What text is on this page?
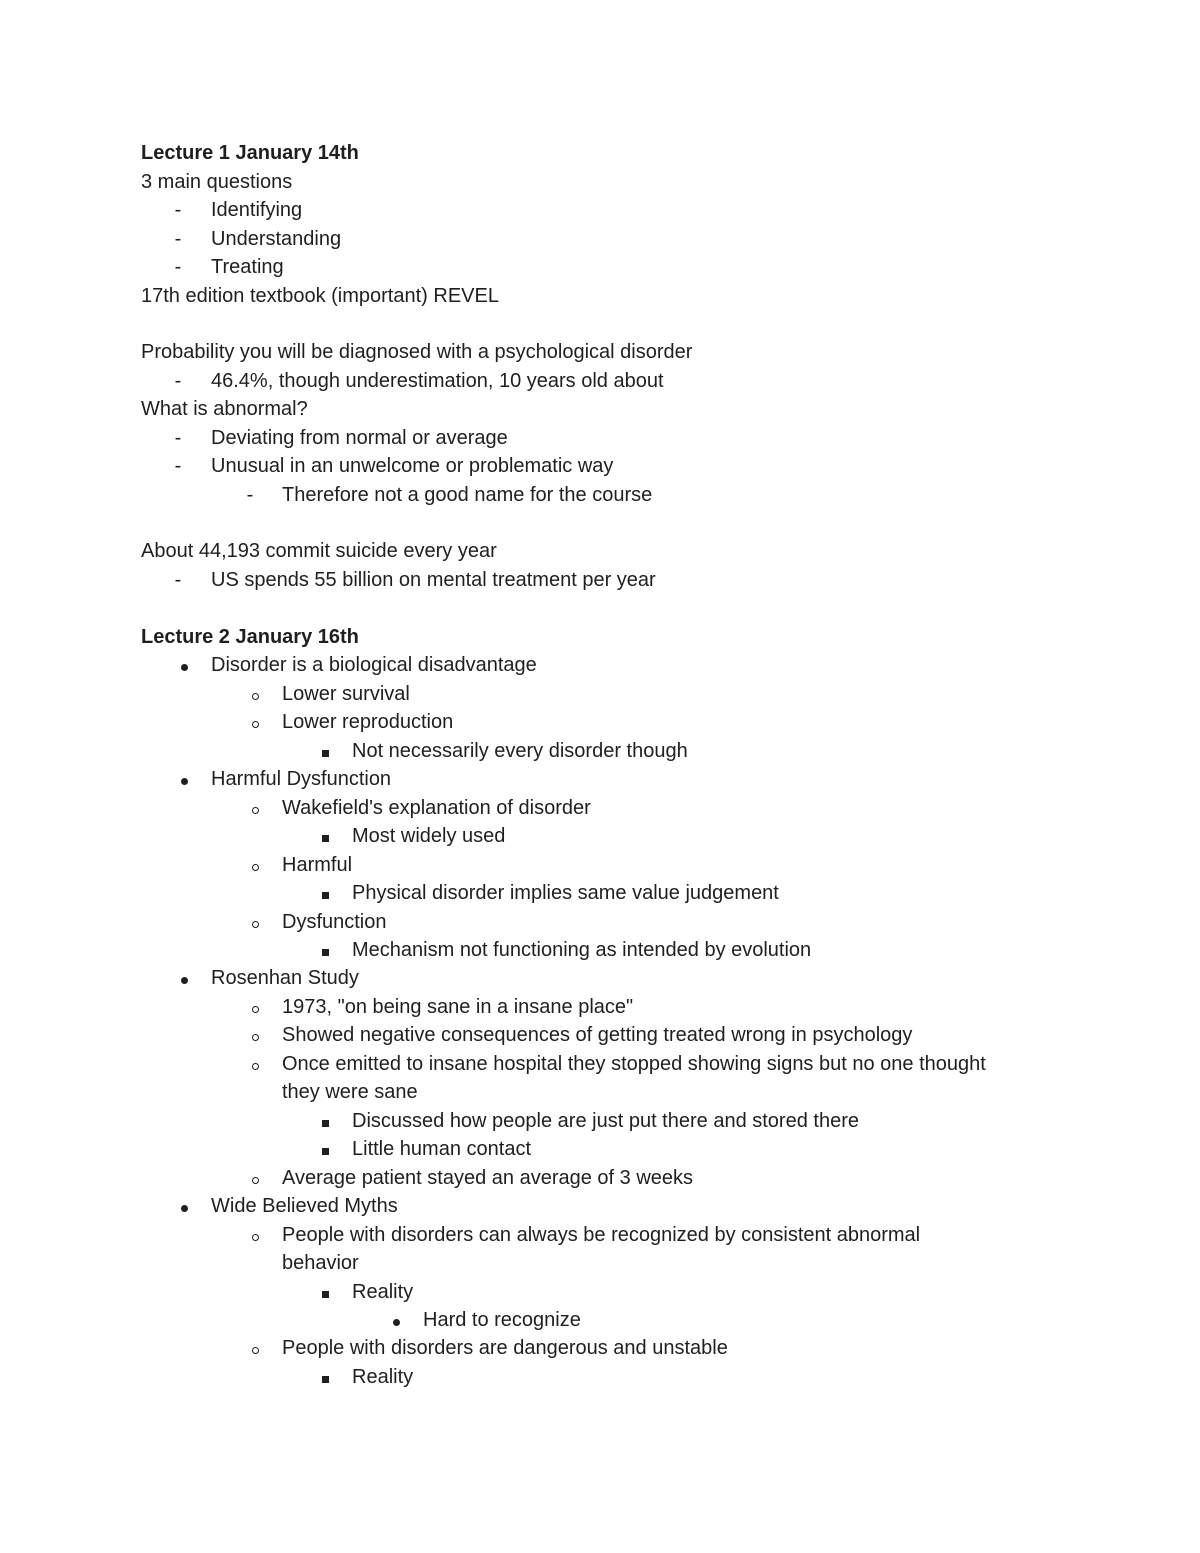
Lecture 1 January 14th
3 main questions
- Identifying
- Understanding
- Treating
17th edition textbook (important) REVEL
Probability you will be diagnosed with a psychological disorder
- 46.4%, though underestimation, 10 years old about
What is abnormal?
- Deviating from normal or average
- Unusual in an unwelcome or problematic way
- Therefore not a good name for the course
About 44,193 commit suicide every year
- US spends 55 billion on mental treatment per year
Lecture 2 January 16th
Disorder is a biological disadvantage
Lower survival
Lower reproduction
Not necessarily every disorder though
Harmful Dysfunction
Wakefield's explanation of disorder
Most widely used
Harmful
Physical disorder implies same value judgement
Dysfunction
Mechanism not functioning as intended by evolution
Rosenhan Study
1973, "on being sane in a insane place"
Showed negative consequences of getting treated wrong in psychology
Once emitted to insane hospital they stopped showing signs but no one thought
they were sane
Discussed how people are just put there and stored there
Little human contact
Average patient stayed an average of 3 weeks
Wide Believed Myths
People with disorders can always be recognized by consistent abnormal
behavior
Reality
Hard to recognize
People with disorders are dangerous and unstable
Reality
